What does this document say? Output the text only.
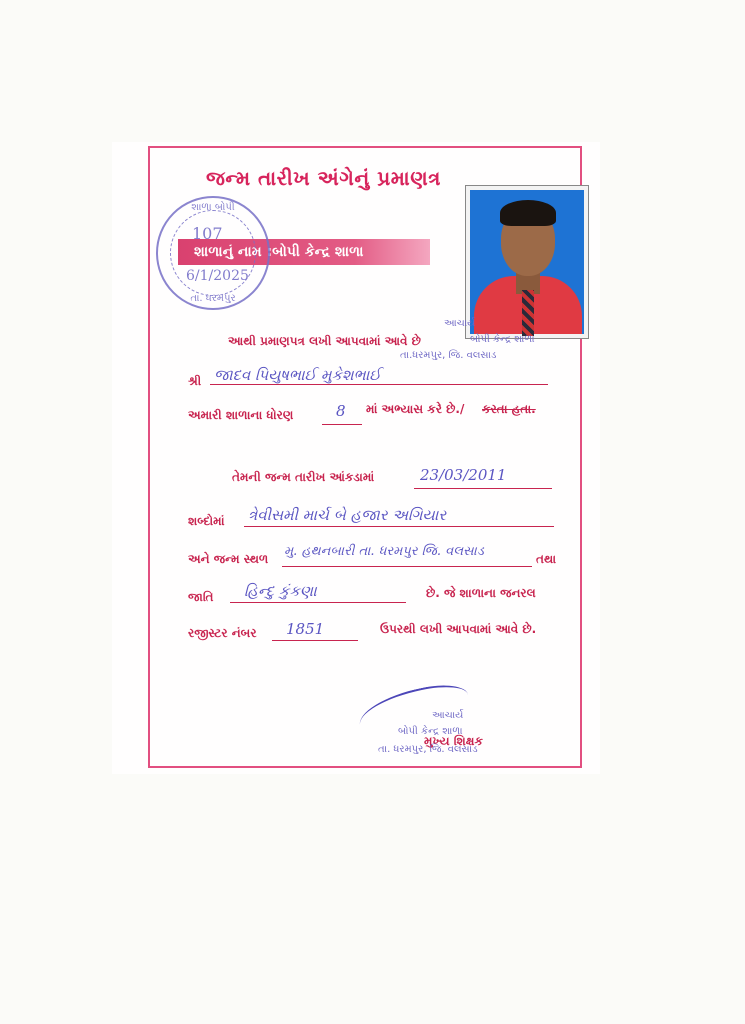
જન્મ તારીખ અંગેનું પ્રમાણત્ર
શાળાનું નામ :બોપી કેન્દ્ર શાળા
શાળા બોપી
107
6/1/2025
તા. ધરમપુર
આચાર્ય
બોપી કેન્દ્ર શાળા
તા.ધરમપુર, જિ. વલસાડ
આથી પ્રમાણપત્ર લખી આપવામાં આવે છે
શ્રી જાદવ પિયુષભાઈ મુકેશભાઈ
અમારી શાળાના ધોરણ	8 માં અભ્યાસ કરે છે./ કરતા હતા.
તેમની જન્મ તારીખ આંકડામાં	23/03/2011
શબ્દોમાં ત્રેવીસમી માર્ચ બે હજાર અગિયાર
અને જન્મ સ્થળ મુ. હથનબારી તા. ધરમપુર જિ. વલસાડ	તથા
જાતિ હિન્દુ કુંકણા	છે. જે શાળાના જનરલ
રજીસ્ટર નંબર 1851	ઉપરથી લખી આપવામાં આવે છે.
આચાર્ય
બોપી કેન્દ્ર શાળા
મુખ્ય શિક્ષક
તા. ધરમપુર, જિ. વલસાડ
